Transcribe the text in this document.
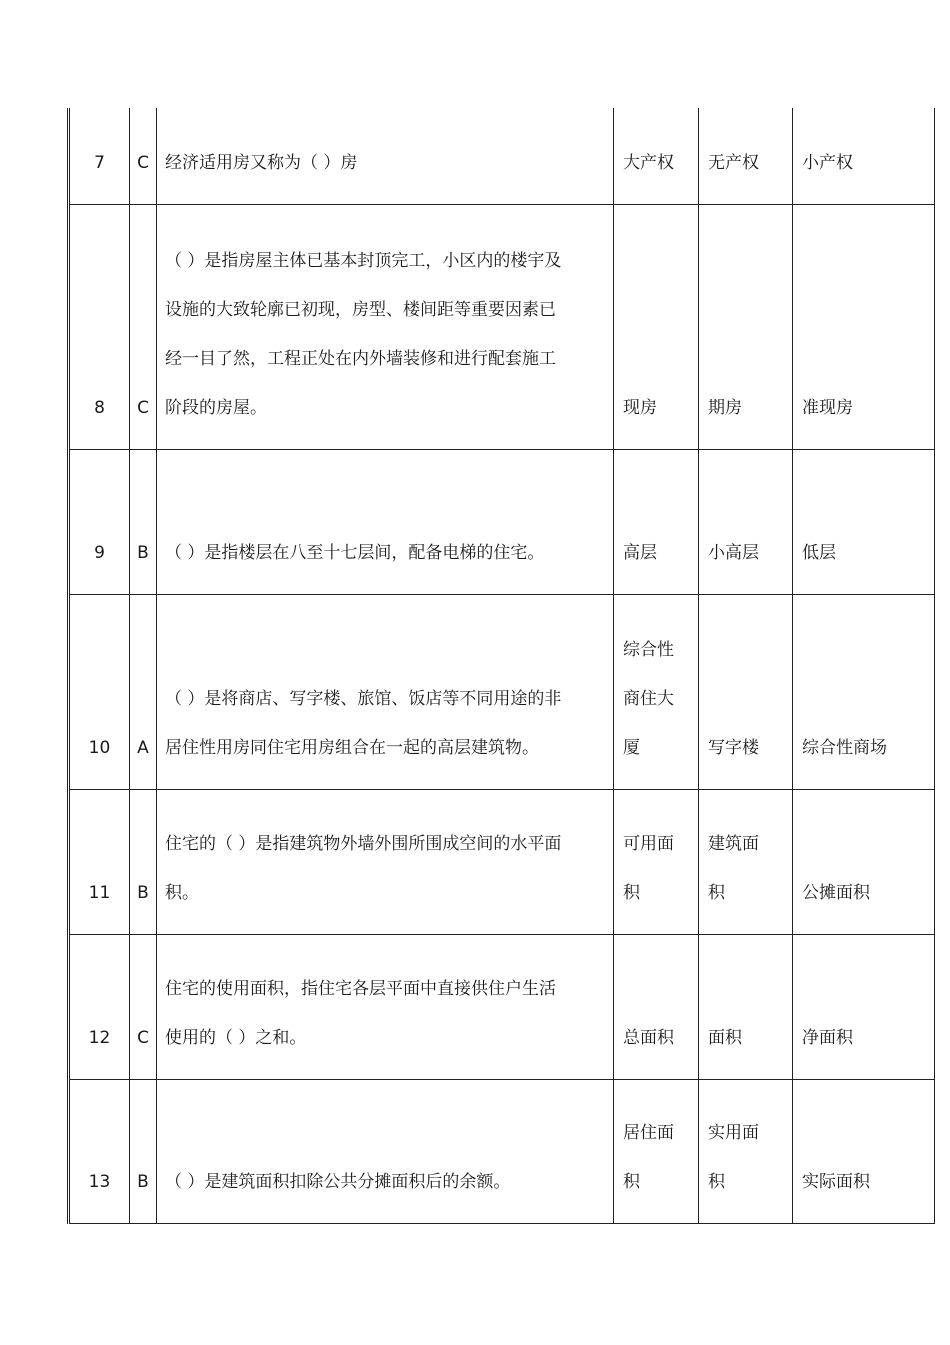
7	C	经济适用房又称为（ ）房	大产权	无产权	小产权

8	C	（ ）是指房屋主体已基本封顶完工，小区内的楼宇及设施的大致轮廓已初现，房型、楼间距等重要因素已经一目了然，工程正处在内外墙装修和进行配套施工阶段的房屋。	现房	期房	准现房

9	B	（ ）是指楼层在八至十七层间，配备电梯的住宅。	高层	小高层	低层

10	A	（ ）是将商店、写字楼、旅馆、饭店等不同用途的非居住性用房同住宅用房组合在一起的高层建筑物。	综合性商住大厦	写字楼	综合性商场

11	B	住宅的（ ）是指建筑物外墙外围所围成空间的水平面积。	可用面积	建筑面积	公摊面积

12	C	住宅的使用面积，指住宅各层平面中直接供住户生活使用的（ ）之和。	总面积	面积	净面积

13	B	（ ）是建筑面积扣除公共分摊面积后的余额。	居住面积	实用面积	实际面积
